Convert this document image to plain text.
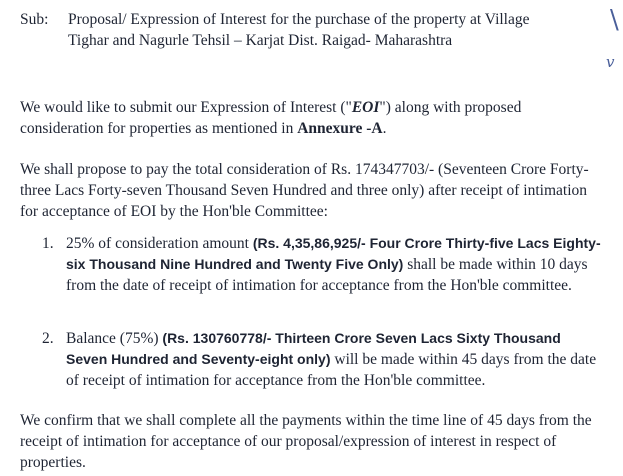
Sub:	Proposal/ Expression of Interest for the purchase of the property at Village
Tighar and Nagurle Tehsil – Karjat Dist. Raigad- Maharashtra
\
v

We would like to submit our Expression of Interest ("EOI") along with proposed consideration for properties as mentioned in Annexure -A.

We shall propose to pay the total consideration of Rs. 174347703/- (Seventeen Crore Forty-three Lacs Forty-seven Thousand Seven Hundred and three only) after receipt of intimation for acceptance of EOI by the Hon'ble Committee:

1. 25% of consideration amount (Rs. 4,35,86,925/- Four Crore Thirty-five Lacs Eighty-six Thousand Nine Hundred and Twenty Five Only) shall be made within 10 days from the date of receipt of intimation for acceptance from the Hon'ble committee.
2. Balance (75%) (Rs. 130760778/- Thirteen Crore Seven Lacs Sixty Thousand Seven Hundred and Seventy-eight only) will be made within 45 days from the date of receipt of intimation for acceptance from the Hon'ble committee.

We confirm that we shall complete all the payments within the time line of 45 days from the receipt of intimation for acceptance of our proposal/expression of interest in respect of properties.
